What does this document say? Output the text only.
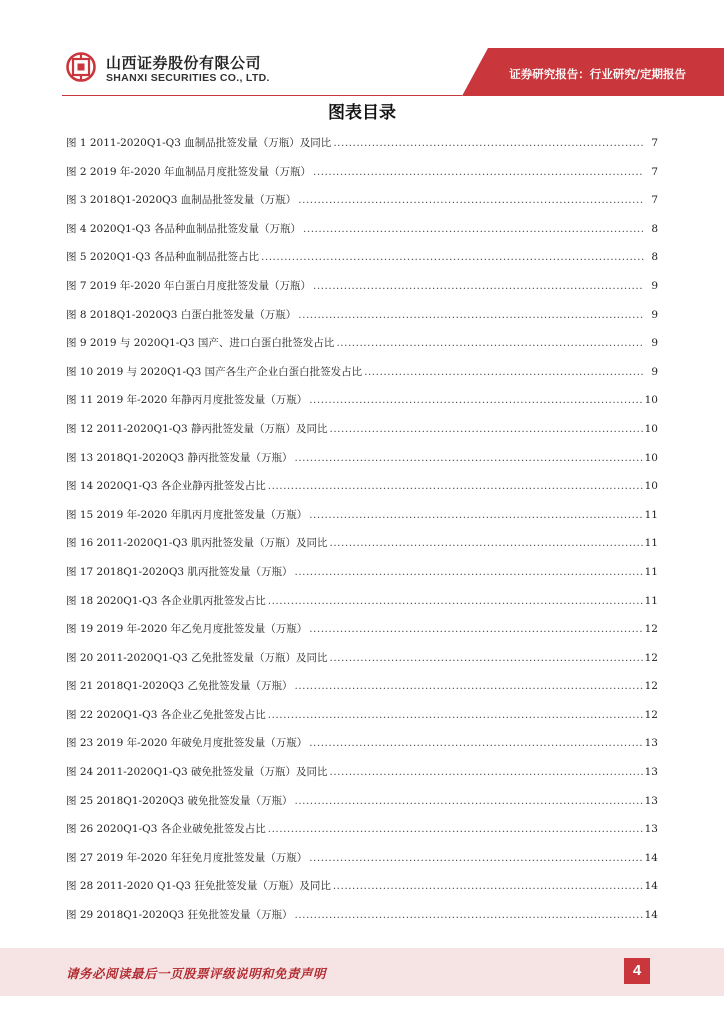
山西证券股份有限公司
SHANXI SECURITIES CO., LTD.	证券研究报告：行业研究/定期报告
图表目录
图 1 2011-2020Q1-Q3 血制品批签发量（万瓶）及同比 .....	7
图 2 2019 年-2020 年血制品月度批签发量（万瓶） .....	7
图 3 2018Q1-2020Q3 血制品批签发量（万瓶） .....	7
图 4 2020Q1-Q3 各品种血制品批签发量（万瓶） .....	8
图 5 2020Q1-Q3 各品种血制品批签占比 .....	8
图 7 2019 年-2020 年白蛋白月度批签发量（万瓶） .....	9
图 8 2018Q1-2020Q3 白蛋白批签发量（万瓶） .....	9
图 9 2019 与 2020Q1-Q3 国产、进口白蛋白批签发占比 .....	9
图 10 2019 与 2020Q1-Q3 国产各生产企业白蛋白批签发占比 .....	9
图 11 2019 年-2020 年静丙月度批签发量（万瓶） .....	10
图 12 2011-2020Q1-Q3 静丙批签发量（万瓶）及同比 .....	10
图 13 2018Q1-2020Q3 静丙批签发量（万瓶） .....	10
图 14 2020Q1-Q3 各企业静丙批签发占比 .....	10
图 15 2019 年-2020 年肌丙月度批签发量（万瓶） .....	11
图 16 2011-2020Q1-Q3 肌丙批签发量（万瓶）及同比 .....	11
图 17 2018Q1-2020Q3 肌丙批签发量（万瓶） .....	11
图 18 2020Q1-Q3 各企业肌丙批签发占比 .....	11
图 19 2019 年-2020 年乙免月度批签发量（万瓶） .....	12
图 20 2011-2020Q1-Q3 乙免批签发量（万瓶）及同比 .....	12
图 21 2018Q1-2020Q3 乙免批签发量（万瓶） .....	12
图 22 2020Q1-Q3 各企业乙免批签发占比 .....	12
图 23 2019 年-2020 年破免月度批签发量（万瓶） .....	13
图 24 2011-2020Q1-Q3 破免批签发量（万瓶）及同比 .....	13
图 25 2018Q1-2020Q3 破免批签发量（万瓶） .....	13
图 26 2020Q1-Q3 各企业破免批签发占比 .....	13
图 27 2019 年-2020 年狂免月度批签发量（万瓶） .....	14
图 28 2011-2020 Q1-Q3 狂免批签发量（万瓶）及同比 .....	14
图 29 2018Q1-2020Q3 狂免批签发量（万瓶） .....	14
请务必阅读最后一页股票评级说明和免责声明	4
